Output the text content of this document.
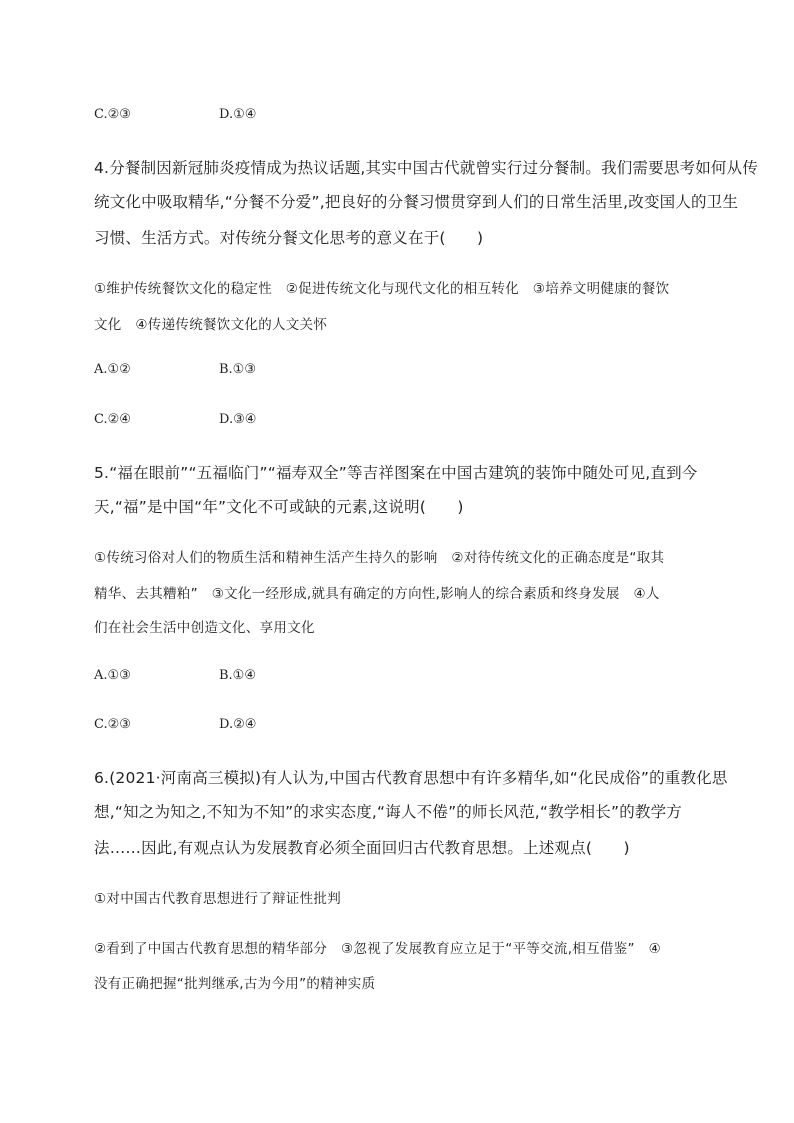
C.②③	D.①④
4.分餐制因新冠肺炎疫情成为热议话题,其实中国古代就曾实行过分餐制。我们需要思考如何从传
统文化中吸取精华,“分餐不分爱”,把良好的分餐习惯贯穿到人们的日常生活里,改变国人的卫生
习惯、生活方式。对传统分餐文化思考的意义在于(　　)
①维护传统餐饮文化的稳定性　②促进传统文化与现代文化的相互转化　③培养文明健康的餐饮
文化　④传递传统餐饮文化的人文关怀
A.①②	B.①③
C.②④	D.③④
5.“福在眼前”“五福临门”“福寿双全”等吉祥图案在中国古建筑的装饰中随处可见,直到今
天,“福”是中国“年”文化不可或缺的元素,这说明(　　)
①传统习俗对人们的物质生活和精神生活产生持久的影响　②对待传统文化的正确态度是“取其
精华、去其糟粕”　③文化一经形成,就具有确定的方向性,影响人的综合素质和终身发展　④人
们在社会生活中创造文化、享用文化
A.①③	B.①④
C.②③	D.②④
6.(2021·河南高三模拟)有人认为,中国古代教育思想中有许多精华,如“化民成俗”的重教化思
想,“知之为知之,不知为不知”的求实态度,“诲人不倦”的师长风范,“教学相长”的教学方
法……因此,有观点认为发展教育必须全面回归古代教育思想。上述观点(　　)
①对中国古代教育思想进行了辩证性批判
②看到了中国古代教育思想的精华部分　③忽视了发展教育应立足于“平等交流,相互借鉴”　④
没有正确把握“批判继承,古为今用”的精神实质
